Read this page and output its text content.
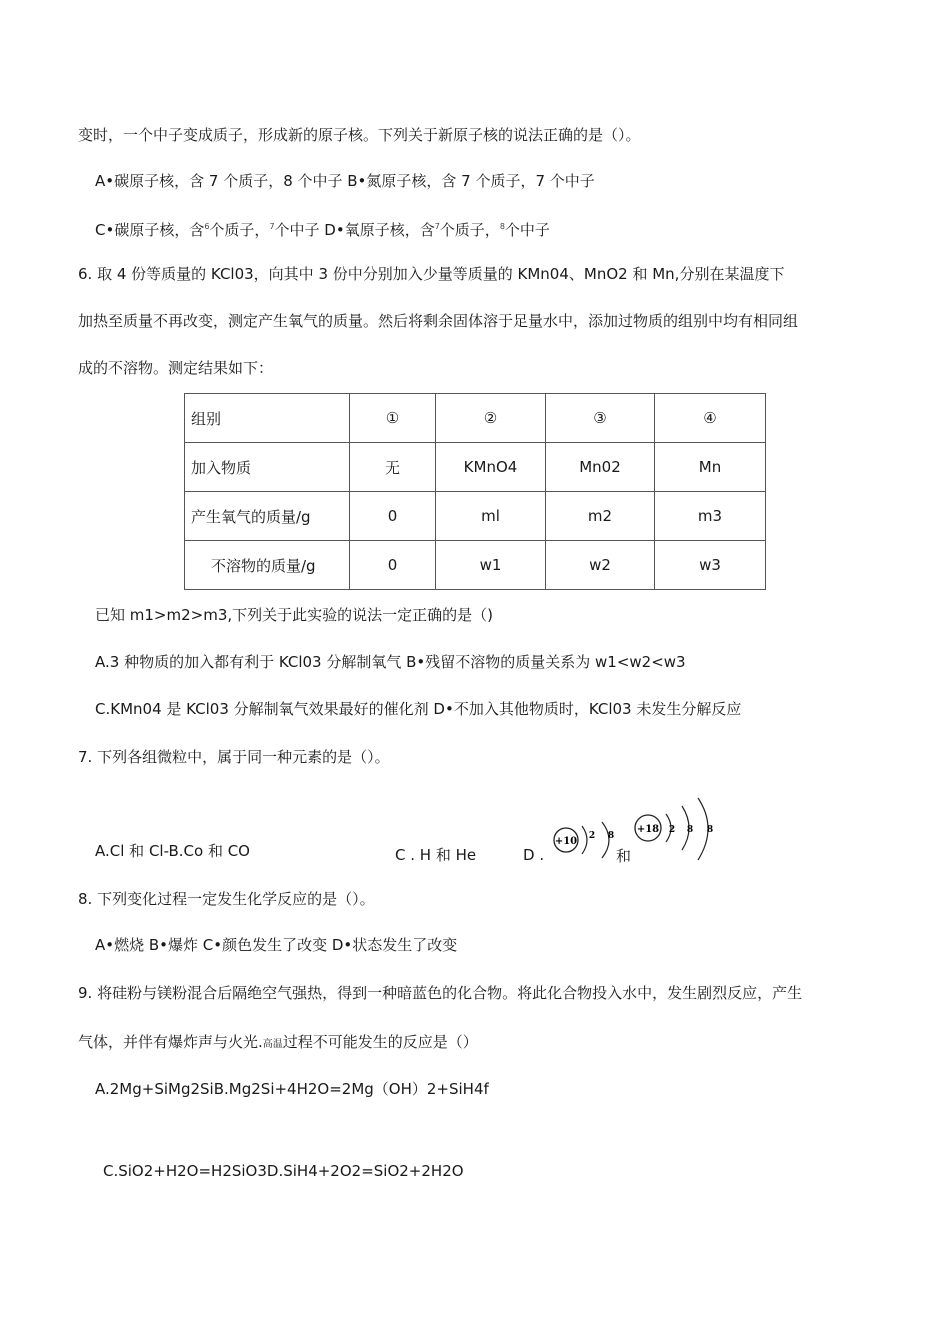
变时，一个中子变成质子，形成新的原子核。下列关于新原子核的说法正确的是（）。
A•碳原子核，含 7 个质子，8 个中子 B•氮原子核，含 7 个质子，7 个中子
C•碳原子核，含$^6$个质子，$^7$个中子 D•氧原子核，含$^7$个质子，$^8$个中子
6. 取 4 份等质量的 KCl03，向其中 3 份中分别加入少量等质量的 KMn04、MnO2 和 Mn,分别在某温度下
加热至质量不再改变，测定产生氧气的质量。然后将剩余固体溶于足量水中，添加过物质的组别中均有相同组
成的不溶物。测定结果如下：
组别	①	②	③	④
加入物质	无	KMnO4	Mn02	Mn
产生氧气的质量/g	0	ml	m2	m3
不溶物的质量/g	0	w1	w2	w3
已知 m1>m2>m3,下列关于此实验的说法一定正确的是（)
A.3 种物质的加入都有利于 KCl03 分解制氧气 B•残留不溶物的质量关系为 w1<w2<w3
C.KMn04 是 KCl03 分解制氧气效果最好的催化剂 D•不加入其他物质时，KCl03 未发生分解反应
7. 下列各组微粒中，属于同一种元素的是（）。
A.Cl 和 Cl-B.Co 和 CO	C . H 和 He	D .
+10 2 8
和
+18 2 8 8
8. 下列变化过程一定发生化学反应的是（）。
A•燃烧 B•爆炸 C•颜色发生了改变 D•状态发生了改变
9. 将硅粉与镁粉混合后隔绝空气强热，得到一种暗蓝色的化合物。将此化合物投入水中，发生剧烈反应，产生
气体，并伴有爆炸声与火光.高温过程不可能发生的反应是（）
A.2Mg+SiMg2SiB.Mg2Si+4H2O=2Mg（OH）2+SiH4f
C.SiO2+H2O=H2SiO3D.SiH4+2O2=SiO2+2H2O
